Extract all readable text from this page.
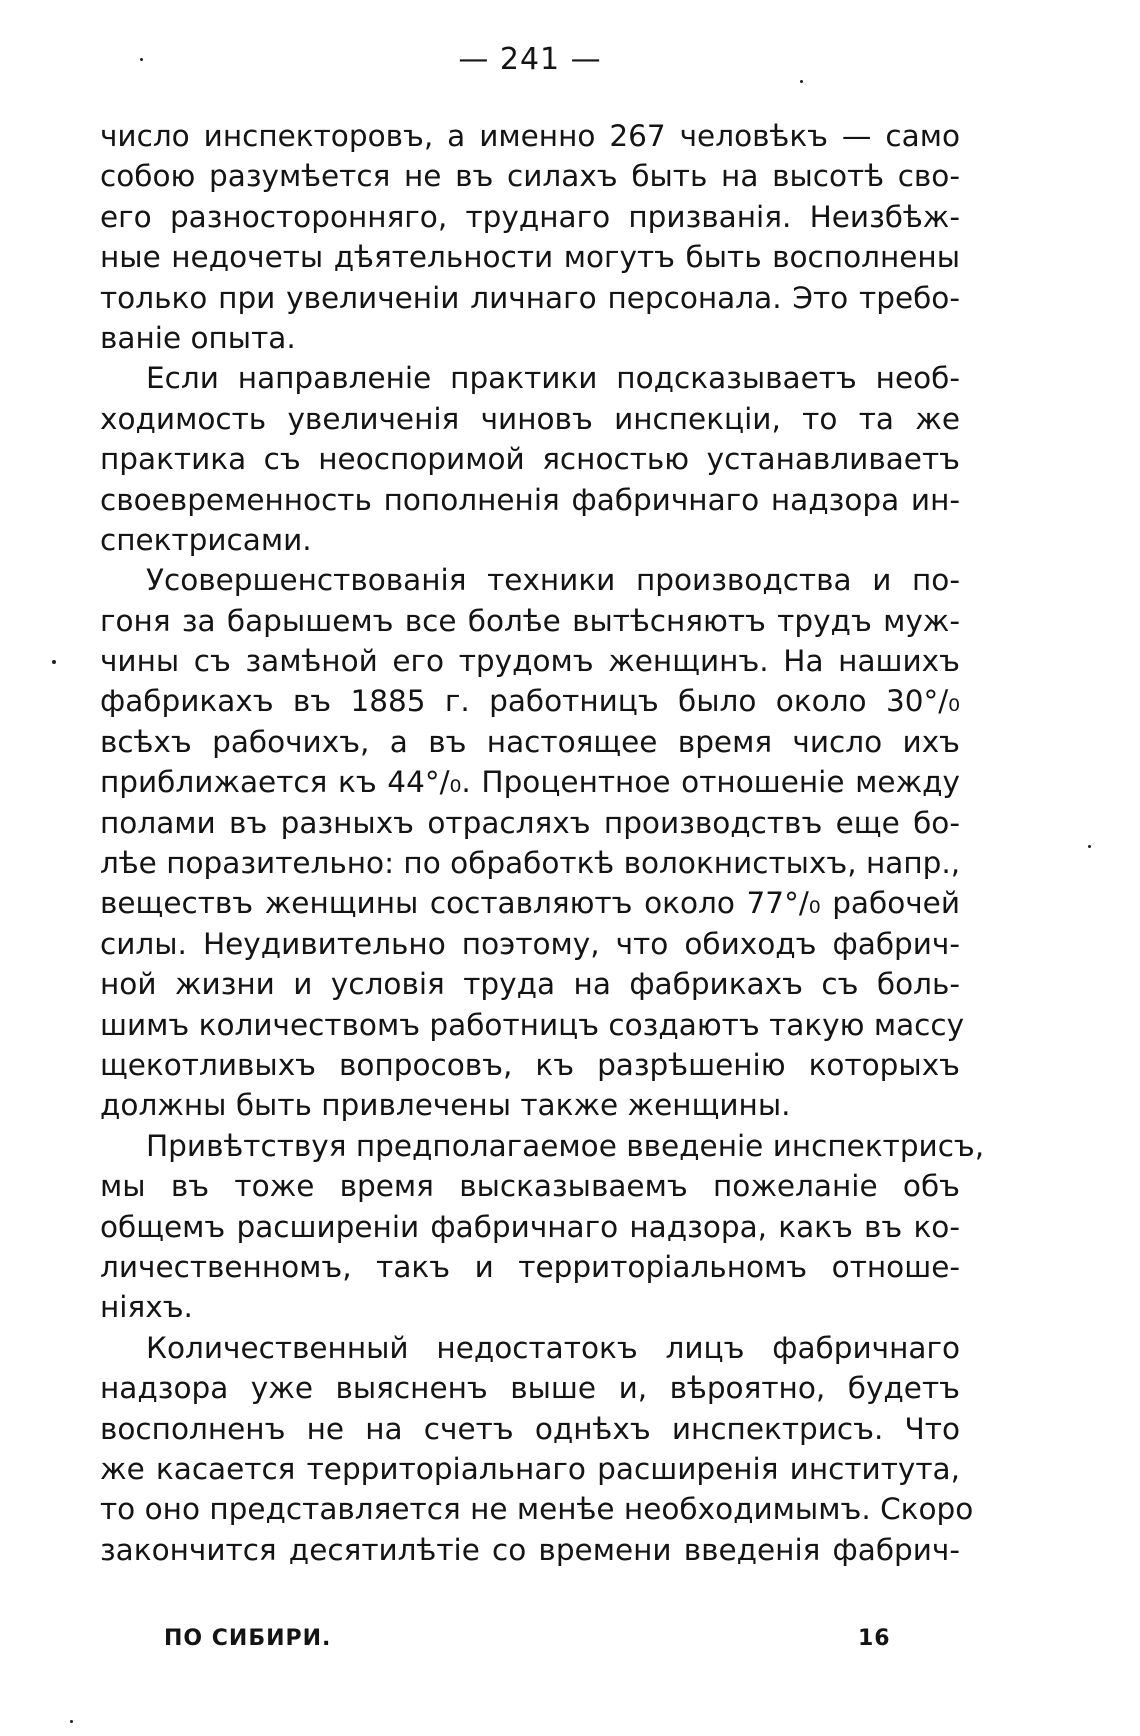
— 241 —

число инспекторовъ, а именно 267 человѣкъ — само
собою разумѣется не въ силахъ быть на высотѣ сво-
его разносторонняго, труднаго призванія. Неизбѣж-
ные недочеты дѣятельности могутъ быть восполнены
только при увеличеніи личнаго персонала. Это требо-
ваніе опыта.

Если направленіе практики подсказываетъ необ-
ходимость увеличенія чиновъ инспекціи, то та же
практика съ неоспоримой ясностью устанавливаетъ
своевременность пополненія фабричнаго надзора ин-
спектрисами.

Усовершенствованія техники производства и по-
гоня за барышемъ все болѣе вытѣсняютъ трудъ муж-
чины съ замѣной его трудомъ женщинъ. На нашихъ
фабрикахъ въ 1885 г. работницъ было около 30°/₀
всѣхъ рабочихъ, а въ настоящее время число ихъ
приближается къ 44°/₀. Процентное отношеніе между
полами въ разныхъ отрасляхъ производствъ еще бо-
лѣе поразительно: по обработкѣ волокнистыхъ, напр.,
веществъ женщины составляютъ около 77°/₀ рабочей
силы. Неудивительно поэтому, что обиходъ фабрич-
ной жизни и условія труда на фабрикахъ съ боль-
шимъ количествомъ работницъ создаютъ такую массу
щекотливыхъ вопросовъ, къ разрѣшенію которыхъ
должны быть привлечены также женщины.

Привѣтствуя предполагаемое введеніе инспектрисъ,
мы въ тоже время высказываемъ пожеланіе объ
общемъ расширеніи фабричнаго надзора, какъ въ ко-
личественномъ, такъ и территоріальномъ отноше-
ніяхъ.

Количественный недостатокъ лицъ фабричнаго
надзора уже выясненъ выше и, вѣроятно, будетъ
восполненъ не на счетъ однѣхъ инспектрисъ. Что
же касается территоріальнаго расширенія института,
то оно представляется не менѣе необходимымъ. Скоро
закончится десятилѣтіе со времени введенія фабрич-

ПО СИБИРИ.	16
